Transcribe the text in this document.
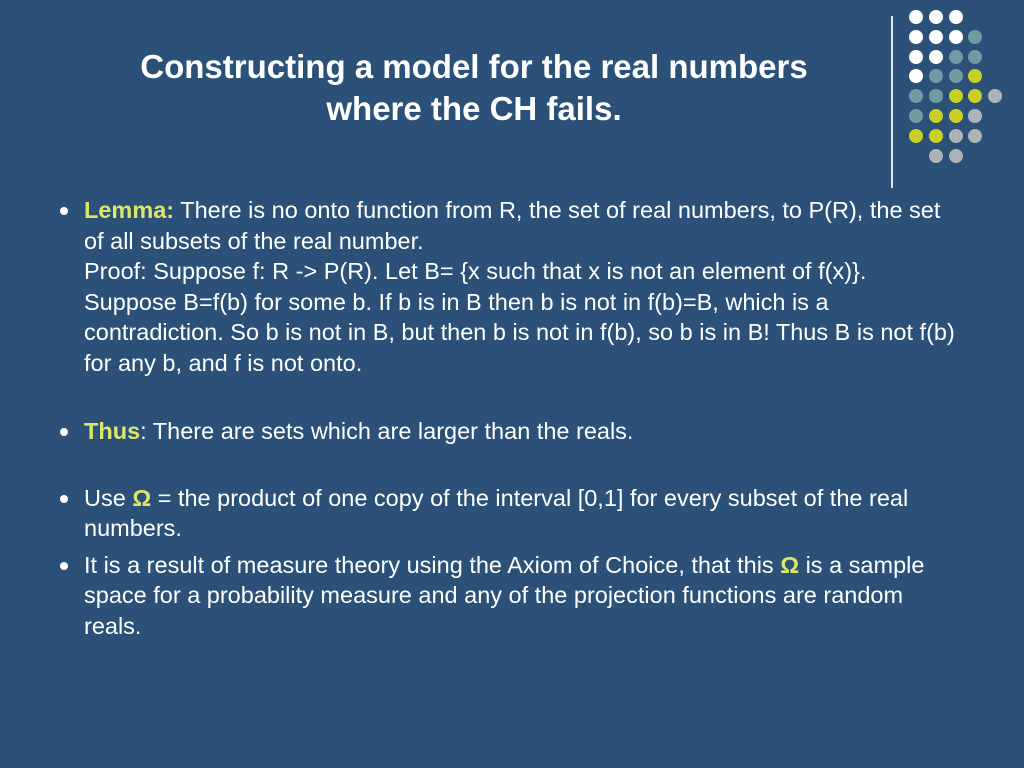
Constructing a model for the real numbers
where the CH fails.
Lemma: There is no onto function from R, the set of real numbers, to P(R), the set of all subsets of the real number.
Proof: Suppose f: R -> P(R). Let B= {x such that x is not an element of f(x)}. Suppose B=f(b) for some b. If b is in B then b is not in f(b)=B, which is a contradiction. So b is not in B, but then b is not in f(b), so b is in B! Thus B is not f(b) for any b, and f is not onto.
Thus: There are sets which are larger than the reals.
Use Ω = the product of one copy of the interval [0,1] for every subset of the real numbers.
It is a result of measure theory using the Axiom of Choice, that this Ω is a sample space for a probability measure and any of the projection functions are random reals.
